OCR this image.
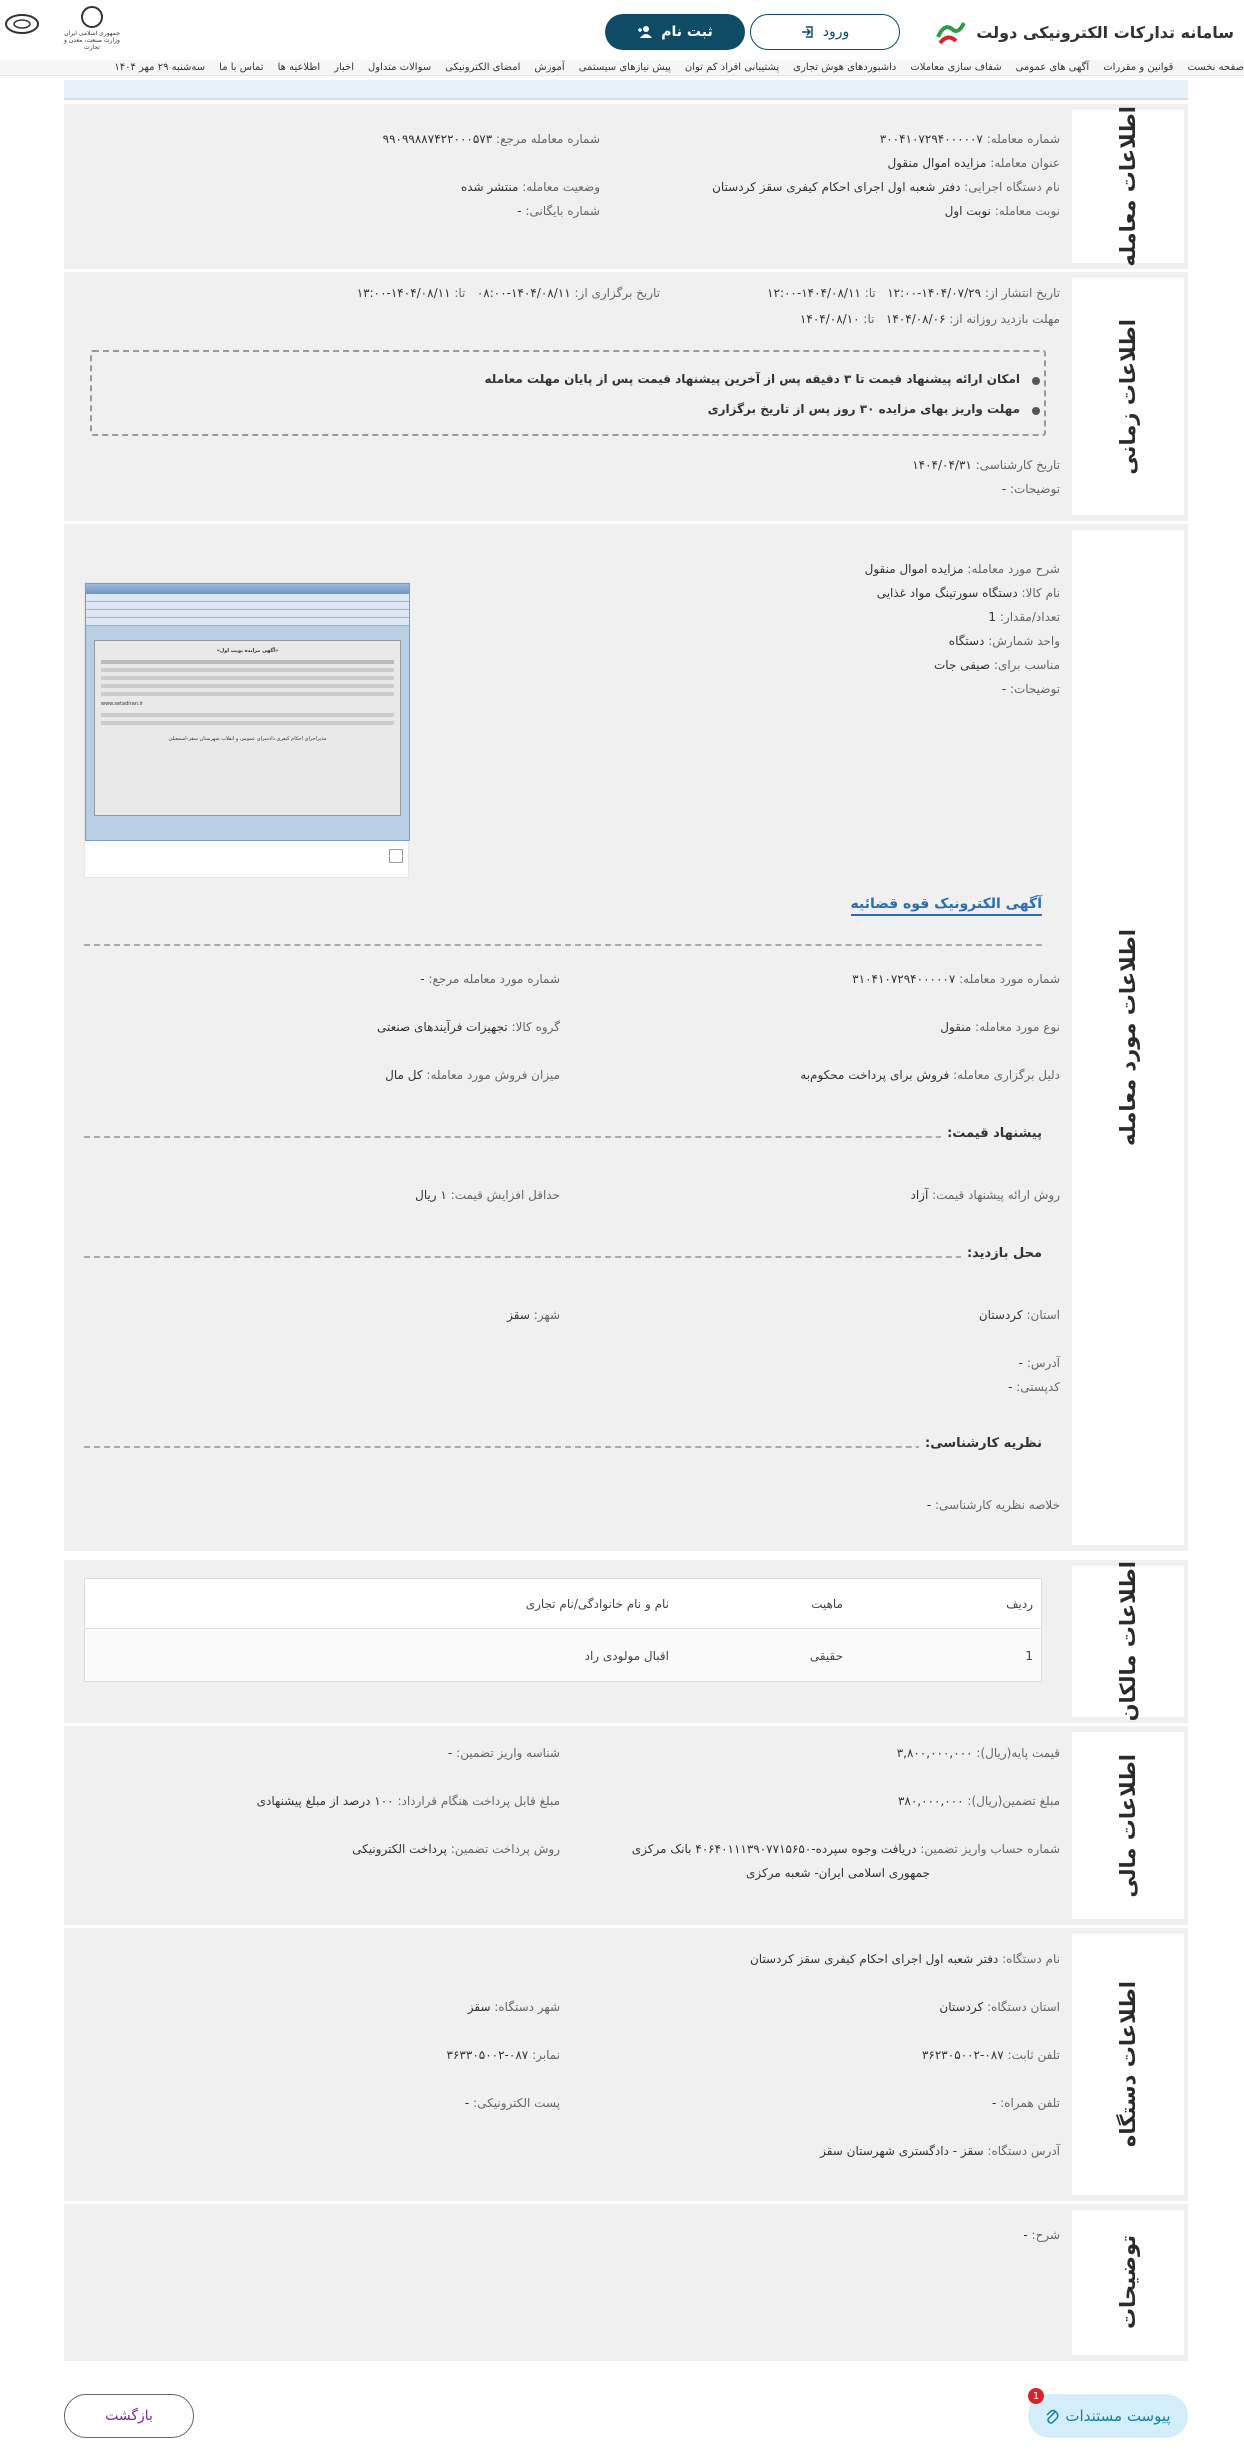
سامانه تدارکات الکترونیکی دولت
ورود
ثبت نام
جمهوری اسلامی ایران
وزارت صنعت، معدن و تجارت
صفحه نخست
قوانین و مقررات
آگهی های عمومی
شفاف سازی معاملات
داشبوردهای هوش تجاری
پشتیبانی افراد کم توان
پیش نیازهای سیستمی
آموزش
امضای الکترونیکی
سوالات متداول
اخبار
اطلاعیه ها
تماس با ما
سه‌شنبه ۲۹ مهر ۱۴۰۴
اطلاعات معامله
شماره معامله: ۳۰۰۴۱۰۷۲۹۴۰۰۰۰۰۷
شماره معامله مرجع: ۹۹۰۹۹۸۸۷۴۲۲۰۰۰۵۷۳
عنوان معامله: مزایده اموال منقول
نام دستگاه اجرایی: دفتر شعبه اول اجرای احکام کیفری سقز کردستان
وضعیت معامله: منتشر شده
نوبت معامله: نوبت اول
شماره بایگانی: -
اطلاعات زمانی
تاریخ انتشار از: ۱۴۰۴/۰۷/۲۹-۱۲:۰۰   تا: ۱۴۰۴/۰۸/۱۱-۱۲:۰۰
تاریخ برگزاری از: ۱۴۰۴/۰۸/۱۱-۰۸:۰۰   تا: ۱۴۰۴/۰۸/۱۱-۱۳:۰۰
مهلت بازدید روزانه از: ۱۴۰۴/۰۸/۰۶   تا: ۱۴۰۴/۰۸/۱۰
امکان ارائه پیشنهاد قیمت تا ۳ دقیقه پس از آخرین پیشنهاد قیمت پس از پایان مهلت معامله
مهلت واریز بهای مزایده ۳۰ روز پس از تاریخ برگزاری
تاریخ کارشناسی: ۱۴۰۴/۰۴/۳۱
توضیحات: -
اطلاعات مورد معامله
شرح مورد معامله: مزایده اموال منقول
نام کالا: دستگاه سورتینگ مواد غذایی
تعداد/مقدار: 1
واحد شمارش: دستگاه
مناسب برای: صیفی جات
توضیحات: -
«آگهی مزایده نوبت اول»
www.setadiran.ir
مدیراجرای احکام کیفری دادسرای عمومی و انقلاب شهرستان سقز-اسمعیلی
آگهی الکترونیک قوه قضائیه
شماره مورد معامله: ۳۱۰۴۱۰۷۲۹۴۰۰۰۰۰۷
شماره مورد معامله مرجع: -
نوع مورد معامله: منقول
گروه کالا: تجهیزات فرآیندهای صنعتی
دلیل برگزاری معامله: فروش برای پرداخت محکوم‌به
میزان فروش مورد معامله: کل مال
پیشنهاد قیمت:
روش ارائه پیشنهاد قیمت: آزاد
حداقل افزایش قیمت: ۱ ریال
محل بازدید:
استان: کردستان
شهر: سقز
آدرس: -
کدپستی: -
نظریه کارشناسی:
خلاصه نظریه کارشناسی: -
اطلاعات مالکان
ردیف
ماهیت
نام و نام خانوادگی/نام تجاری
1
حقیقی
اقبال مولودی راد
اطلاعات مالی
قیمت پایه(ریال): ۳,۸۰۰,۰۰۰,۰۰۰
شناسه واریز تضمین: -
مبلغ تضمین(ریال): ۳۸۰,۰۰۰,۰۰۰
مبلغ قابل پرداخت هنگام قرارداد: ۱۰۰ درصد از مبلغ پیشنهادی
شماره حساب واریز تضمین: دریافت وجوه سپرده-۴۰۶۴۰۱۱۱۳۹۰۷۷۱۵۶۵۰ بانک مرکزی
جمهوری اسلامی ایران- شعبه مرکزی
روش پرداخت تضمین: پرداخت الکترونیکی
اطلاعات دستگاه
نام دستگاه: دفتر شعبه اول اجرای احکام کیفری سقز کردستان
استان دستگاه: کردستان
شهر دستگاه: سقز
تلفن ثابت: ۰۸۷-۳۶۲۳۰۵۰۰۲
نمابر: ۰۸۷-۳۶۳۳۰۵۰۰۲
تلفن همراه: -
پست الکترونیکی: -
آدرس دستگاه: سقز - دادگستری شهرستان سقز
توضیحات
شرح: -
بازگشت	پیوست مستندات
1
